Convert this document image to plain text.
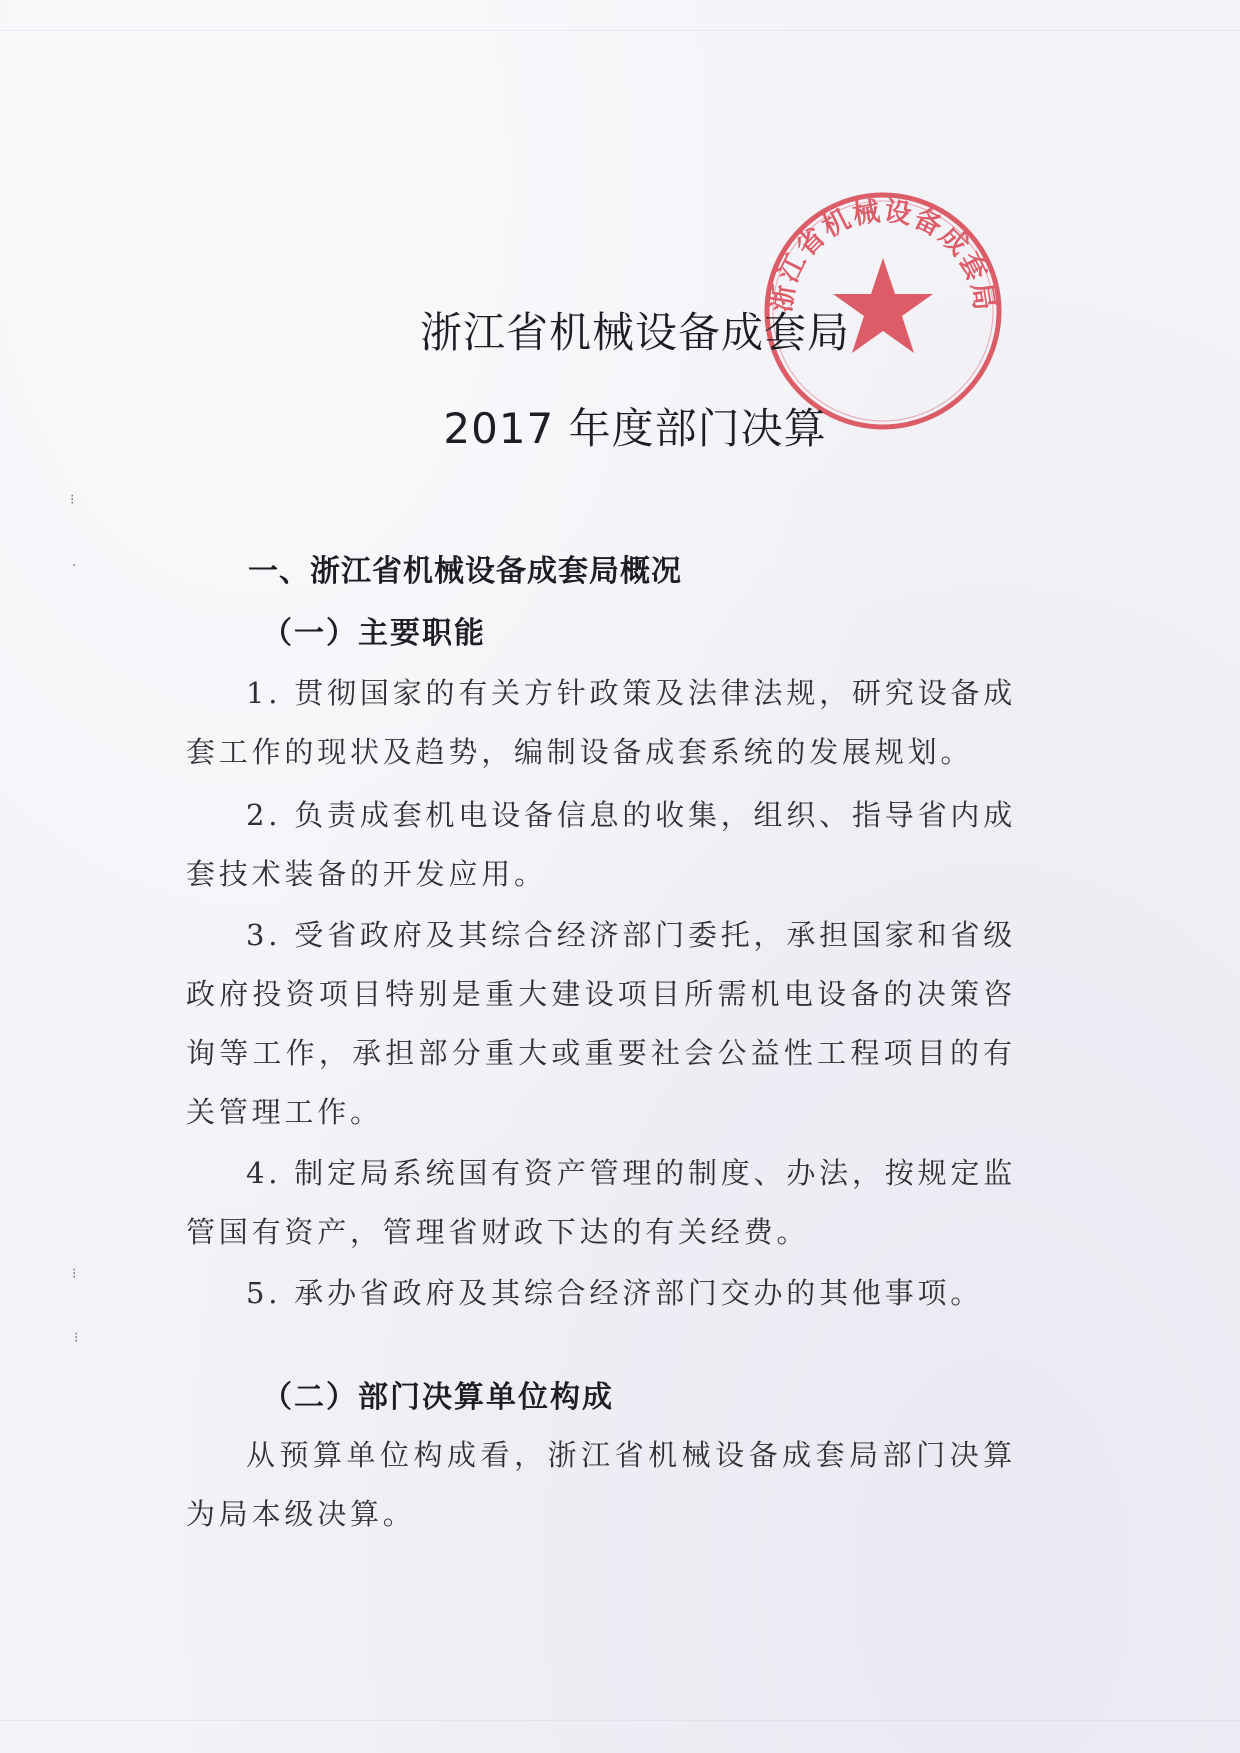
⁝
·
⁝
⁝
浙江省机械设备成套局
浙江省机械设备成套局
2017 年度部门决算
一、浙江省机械设备成套局概况
（一）主要职能
1. 贯彻国家的有关方针政策及法律法规，研究设备成套工作的现状及趋势，编制设备成套系统的发展规划。
2. 负责成套机电设备信息的收集，组织、指导省内成套技术装备的开发应用。
3. 受省政府及其综合经济部门委托，承担国家和省级政府投资项目特别是重大建设项目所需机电设备的决策咨询等工作，承担部分重大或重要社会公益性工程项目的有关管理工作。
4. 制定局系统国有资产管理的制度、办法，按规定监管国有资产，管理省财政下达的有关经费。
5. 承办省政府及其综合经济部门交办的其他事项。
（二）部门决算单位构成
从预算单位构成看，浙江省机械设备成套局部门决算为局本级决算。
